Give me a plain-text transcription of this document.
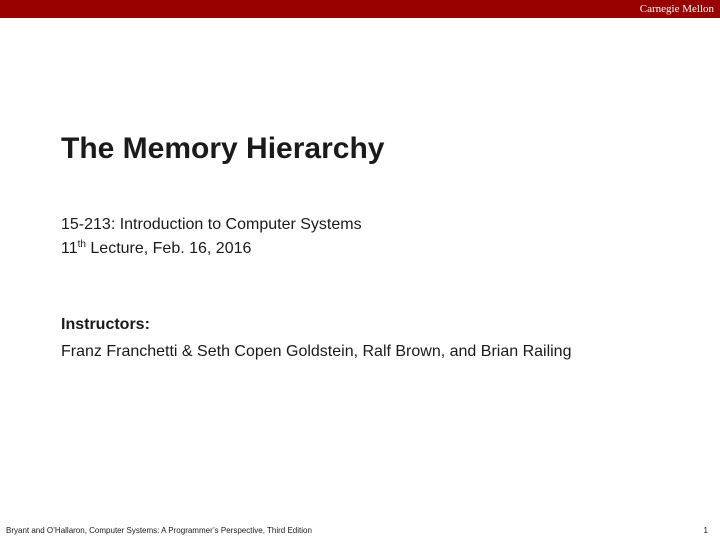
Carnegie Mellon
The Memory Hierarchy
15-213: Introduction to Computer Systems
11th Lecture, Feb. 16, 2016
Instructors:
Franz Franchetti & Seth Copen Goldstein, Ralf Brown, and Brian Railing
Bryant and O’Hallaron, Computer Systems: A Programmer’s Perspective, Third Edition	1
